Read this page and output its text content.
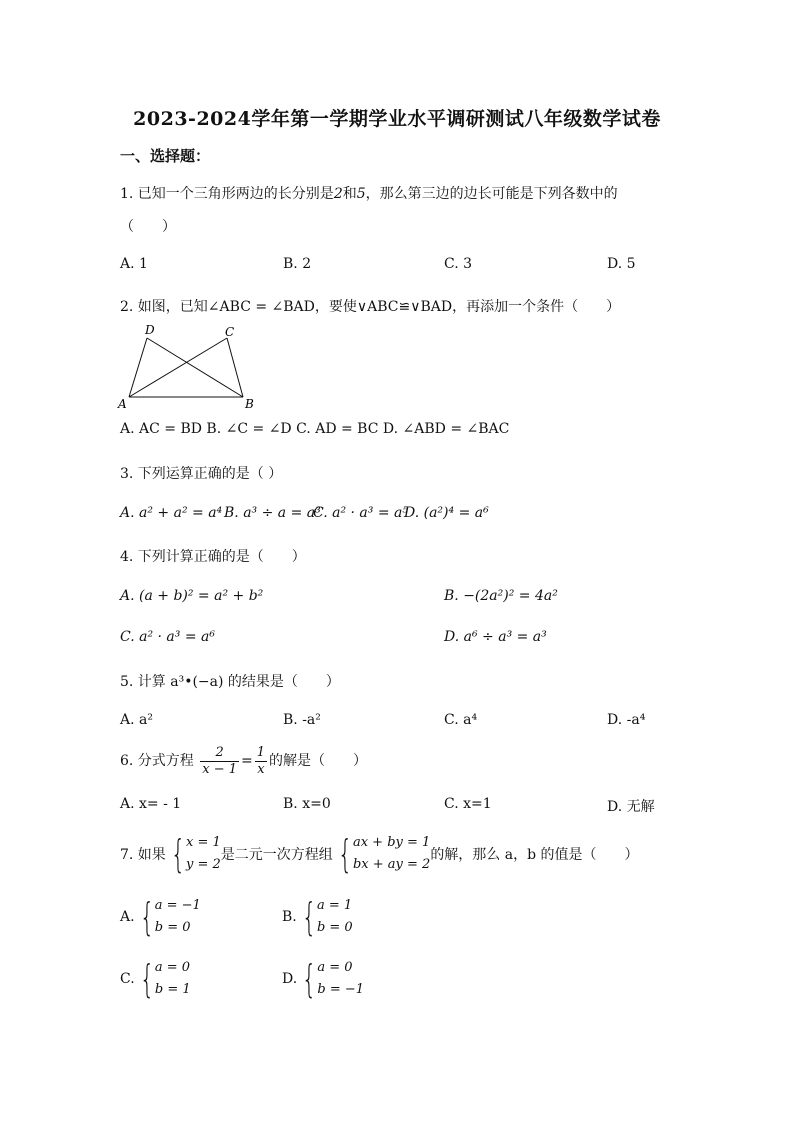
2023-2024学年第一学期学业水平调研测试八年级数学试卷
一、选择题：
1. 已知一个三角形两边的长分别是2和5，那么第三边的边长可能是下列各数中的
（　　）
A. 1	B. 2	C. 3	D. 5
2. 如图，已知∠ABC = ∠BAD，要使∨ABC≌∨BAD，再添加一个条件（　　）
D	C
A	B
A. AC = BD B. ∠C = ∠D C. AD = BC D. ∠ABD = ∠BAC
3. 下列运算正确的是（ ）
A. a² + a² = a⁴ B. a³ ÷ a = a³
C. a² · a³ = a⁵
D. (a²)⁴ = a⁶
4. 下列计算正确的是（　　）
A. (a + b)² = a² + b²	B. −(2a²)² = 4a²
C. a² · a³ = a⁶	D. a⁶ ÷ a³ = a³
5. 计算 a³•(−a) 的结果是（　　）
A. a²	B. -a²	C. a⁴	D. -a⁴
6. 分式方程 $\frac{2}{x - 1} = \frac{1}{x}$ 的解是（　　）
A. x= - 1	B. x=0	C. x=1	D. 无解
7. 如果 { x = 1
y = 2
是二元一次方程组 { ax + by = 1
bx + ay = 2
的解，那么 a，b 的值是（　　）
A. { a = −1
b = 0
B. { a = 1
b = 0
C. { a = 0
b = 1
D. { a = 0
b = −1
